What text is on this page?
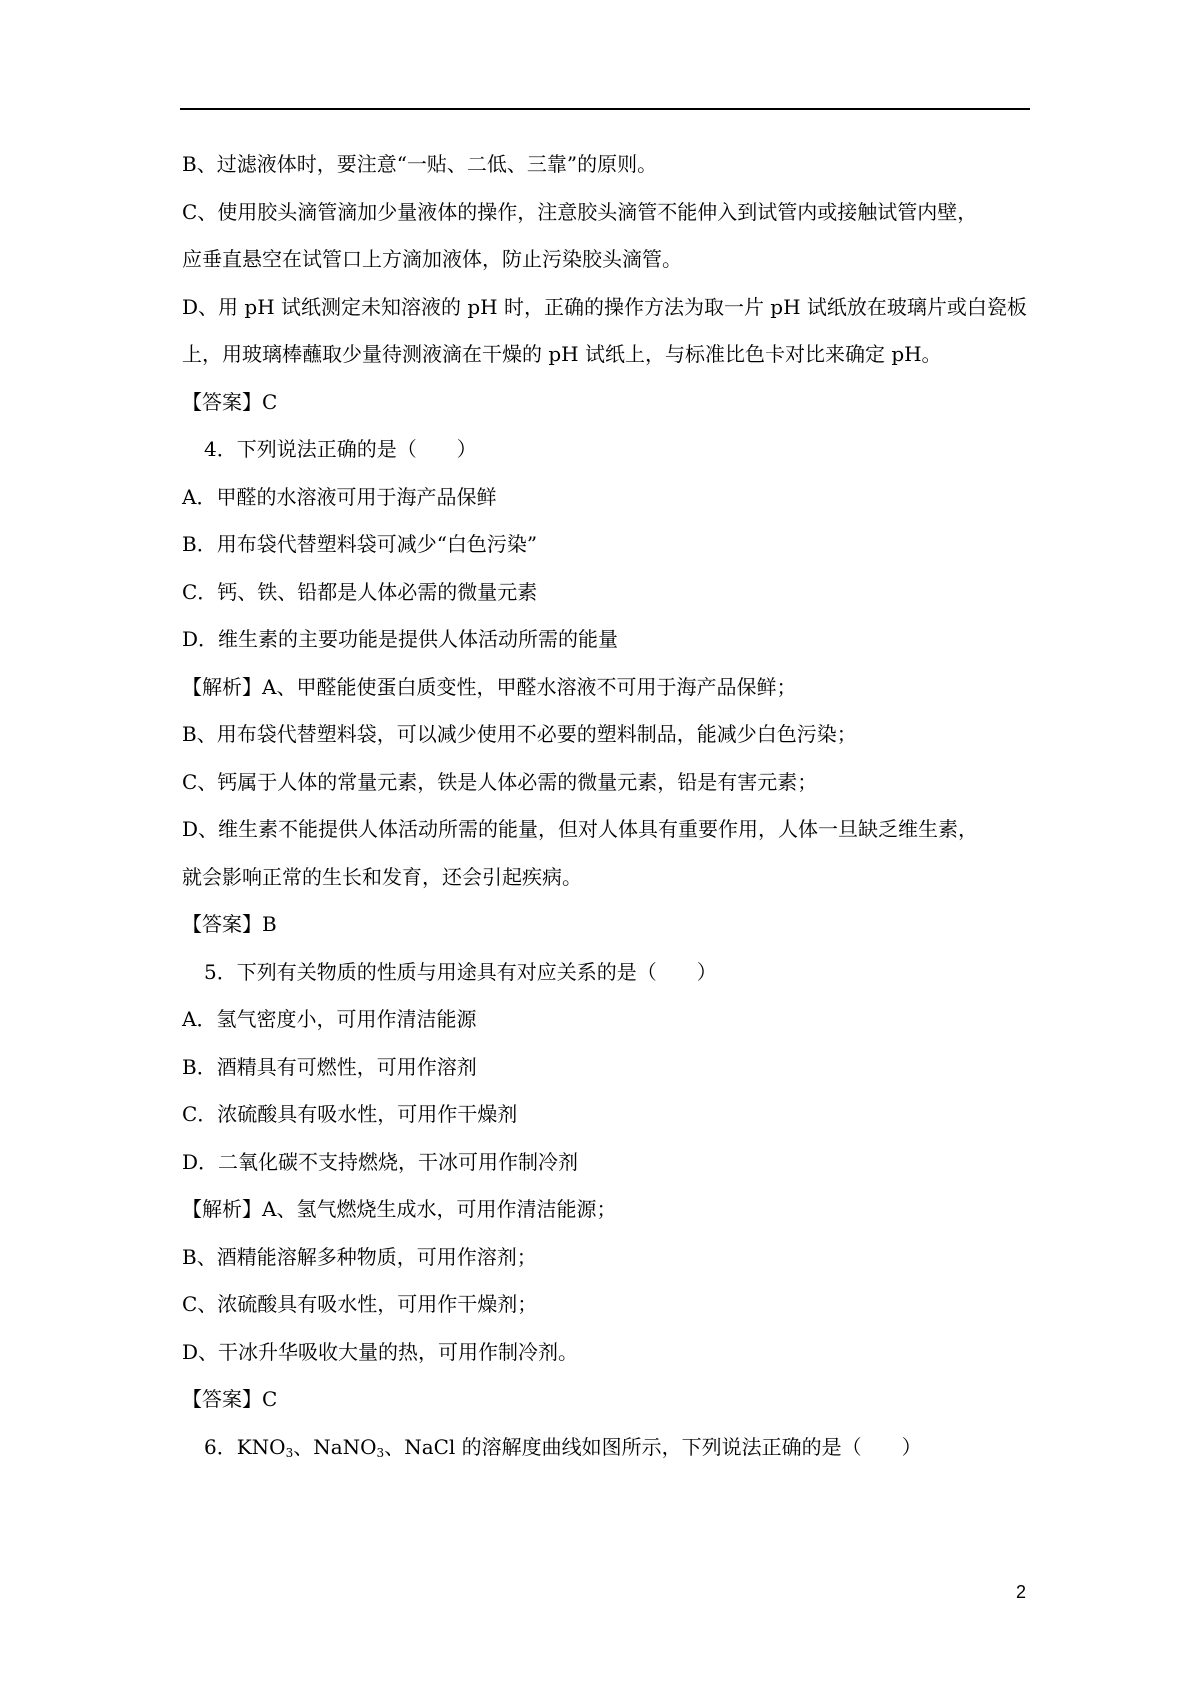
B、过滤液体时，要注意“一贴、二低、三靠”的原则。
C、使用胶头滴管滴加少量液体的操作，注意胶头滴管不能伸入到试管内或接触试管内壁，
应垂直悬空在试管口上方滴加液体，防止污染胶头滴管。
D、用 pH 试纸测定未知溶液的 pH 时，正确的操作方法为取一片 pH 试纸放在玻璃片或白瓷板
上，用玻璃棒蘸取少量待测液滴在干燥的 pH 试纸上，与标准比色卡对比来确定 pH。
【答案】C
4．下列说法正确的是（　　）
A．甲醛的水溶液可用于海产品保鲜
B．用布袋代替塑料袋可减少“白色污染”
C．钙、铁、铅都是人体必需的微量元素
D．维生素的主要功能是提供人体活动所需的能量
【解析】A、甲醛能使蛋白质变性，甲醛水溶液不可用于海产品保鲜；
B、用布袋代替塑料袋，可以减少使用不必要的塑料制品，能减少白色污染；
C、钙属于人体的常量元素，铁是人体必需的微量元素，铅是有害元素；
D、维生素不能提供人体活动所需的能量，但对人体具有重要作用，人体一旦缺乏维生素，
就会影响正常的生长和发育，还会引起疾病。
【答案】B
5．下列有关物质的性质与用途具有对应关系的是（　　）
A．氢气密度小，可用作清洁能源
B．酒精具有可燃性，可用作溶剂
C．浓硫酸具有吸水性，可用作干燥剂
D．二氧化碳不支持燃烧，干冰可用作制冷剂
【解析】A、氢气燃烧生成水，可用作清洁能源；
B、酒精能溶解多种物质，可用作溶剂；
C、浓硫酸具有吸水性，可用作干燥剂；
D、干冰升华吸收大量的热，可用作制冷剂。
【答案】C
6．$KNO_3$、NaNO$_3$、NaCl 的溶解度曲线如图所示，下列说法正确的是（　　）
2
